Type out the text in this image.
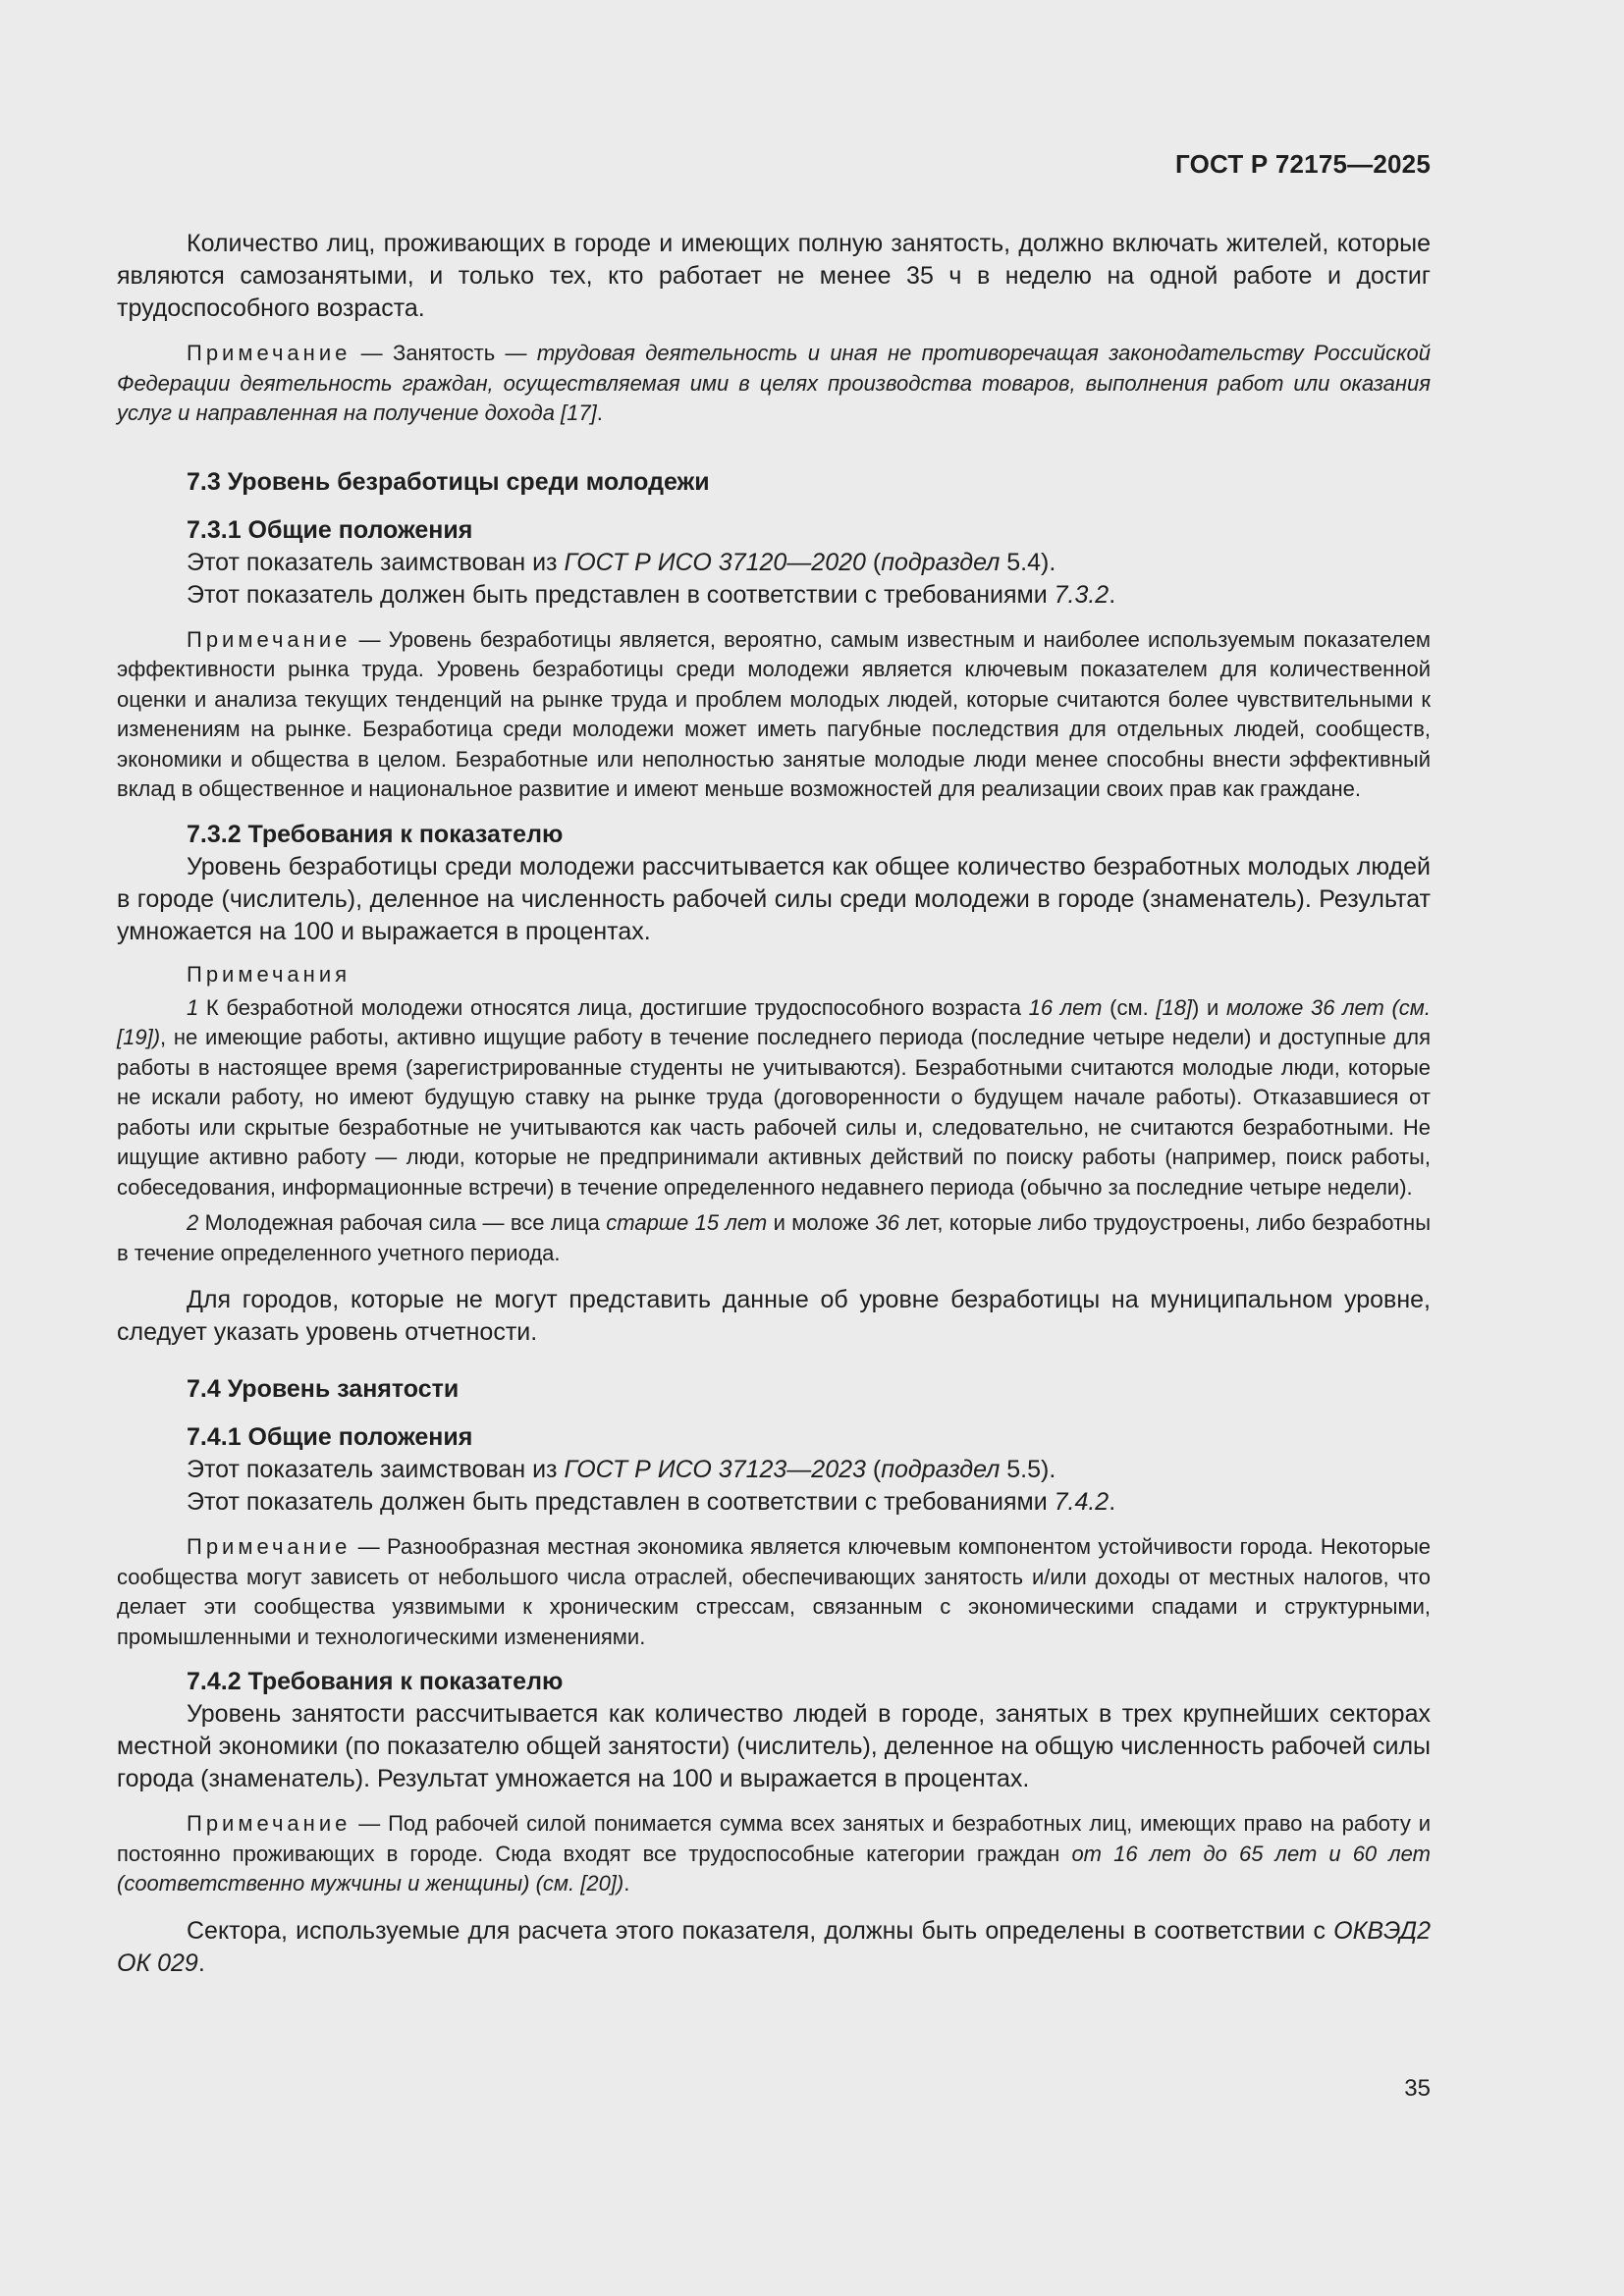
ГОСТ Р 72175—2025

Количество лиц, проживающих в городе и имеющих полную занятость, должно включать жителей, которые являются самозанятыми, и только тех, кто работает не менее 35 ч в неделю на одной работе и достиг трудоспособного возраста.

Примечание — Занятость — трудовая деятельность и иная не противоречащая законодательству Российской Федерации деятельность граждан, осуществляемая ими в целях производства товаров, выполнения работ или оказания услуг и направленная на получение дохода [17].

7.3 Уровень безработицы среди молодежи
7.3.1 Общие положения
Этот показатель заимствован из ГОСТ Р ИСО 37120—2020 (подраздел 5.4).
Этот показатель должен быть представлен в соответствии с требованиями 7.3.2.

Примечание — Уровень безработицы является, вероятно, самым известным и наиболее используемым показателем эффективности рынка труда. Уровень безработицы среди молодежи является ключевым показателем для количественной оценки и анализа текущих тенденций на рынке труда и проблем молодых людей, которые считаются более чувствительными к изменениям на рынке. Безработица среди молодежи может иметь пагубные последствия для отдельных людей, сообществ, экономики и общества в целом. Безработные или неполностью занятые молодые люди менее способны внести эффективный вклад в общественное и национальное развитие и имеют меньше возможностей для реализации своих прав как граждане.

7.3.2 Требования к показателю

Уровень безработицы среди молодежи рассчитывается как общее количество безработных молодых людей в городе (числитель), деленное на численность рабочей силы среди молодежи в городе (знаменатель). Результат умножается на 100 и выражается в процентах.

Примечания

1 К безработной молодежи относятся лица, достигшие трудоспособного возраста 16 лет (см. [18]) и моложе 36 лет (см. [19]), не имеющие работы, активно ищущие работу в течение последнего периода (последние четыре недели) и доступные для работы в настоящее время (зарегистрированные студенты не учитываются). Безработными считаются молодые люди, которые не искали работу, но имеют будущую ставку на рынке труда (договоренности о будущем начале работы). Отказавшиеся от работы или скрытые безработные не учитываются как часть рабочей силы и, следовательно, не считаются безработными. Не ищущие активно работу — люди, которые не предпринимали активных действий по поиску работы (например, поиск работы, собеседования, информационные встречи) в течение определенного недавнего периода (обычно за последние четыре недели).

2 Молодежная рабочая сила — все лица старше 15 лет и моложе 36 лет, которые либо трудоустроены, либо безработны в течение определенного учетного периода.

Для городов, которые не могут представить данные об уровне безработицы на муниципальном уровне, следует указать уровень отчетности.

7.4 Уровень занятости
7.4.1 Общие положения
Этот показатель заимствован из ГОСТ Р ИСО 37123—2023 (подраздел 5.5).
Этот показатель должен быть представлен в соответствии с требованиями 7.4.2.

Примечание — Разнообразная местная экономика является ключевым компонентом устойчивости города. Некоторые сообщества могут зависеть от небольшого числа отраслей, обеспечивающих занятость и/или доходы от местных налогов, что делает эти сообщества уязвимыми к хроническим стрессам, связанным с экономическими спадами и структурными, промышленными и технологическими изменениями.

7.4.2 Требования к показателю

Уровень занятости рассчитывается как количество людей в городе, занятых в трех крупнейших секторах местной экономики (по показателю общей занятости) (числитель), деленное на общую численность рабочей силы города (знаменатель). Результат умножается на 100 и выражается в процентах.

Примечание — Под рабочей силой понимается сумма всех занятых и безработных лиц, имеющих право на работу и постоянно проживающих в городе. Сюда входят все трудоспособные категории граждан от 16 лет до 65 лет и 60 лет (соответственно мужчины и женщины) (см. [20]).

Сектора, используемые для расчета этого показателя, должны быть определены в соответствии с ОКВЭД2 ОК 029.

35
